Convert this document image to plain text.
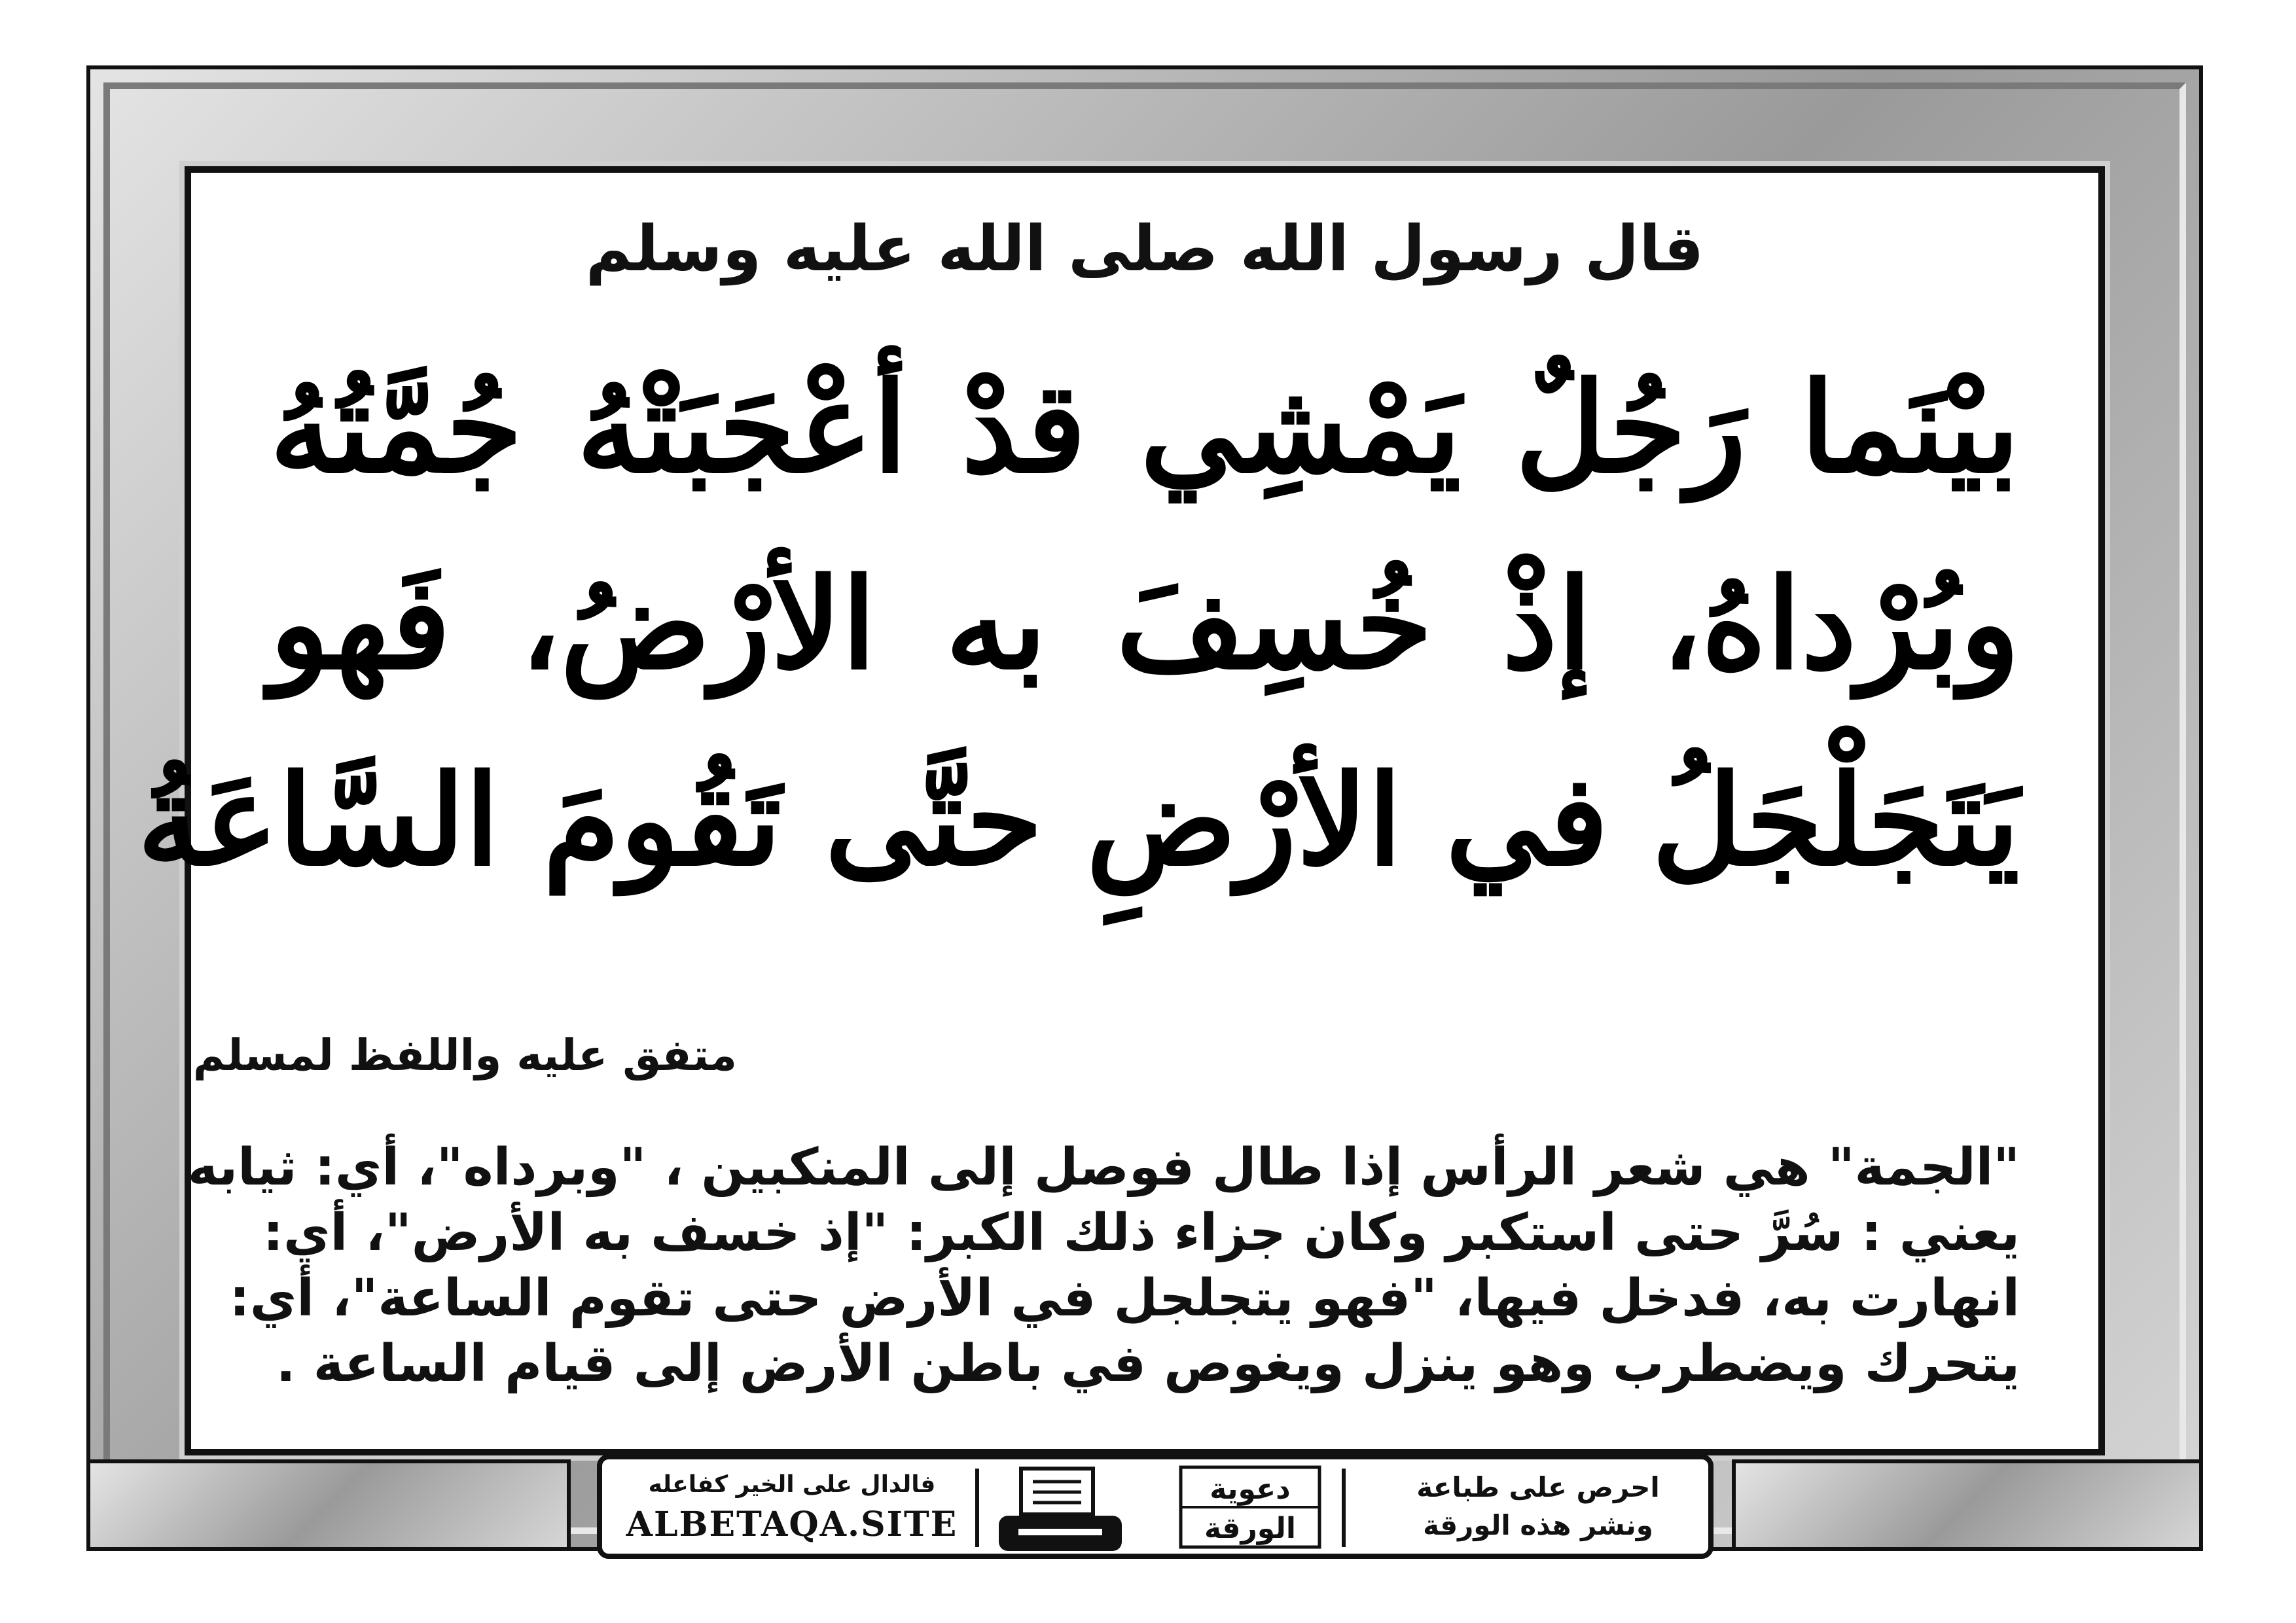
قال رسول الله صلى الله عليه وسلم
بيْنَما رَجُلٌ يَمْشِي قدْ أعْجَبَتْهُ جُمَّتُهُ
وبُرْداهُ، إذْ خُسِفَ به الأرْضُ، فَهو
يَتَجَلْجَلُ في الأرْضِ حتَّى تَقُومَ السَّاعَةُ
متفق عليه واللفظ لمسلم
"الجمة" هي شعر الرأس إذا طال فوصل إلى المنكبين ، "وبرداه"، أي: ثيابه
يعني : سُرَّ حتى استكبر وكان جزاء ذلك الكبر: "إذ خسف به الأرض"، أي:
انهارت به، فدخل فيها، "فهو يتجلجل في الأرض حتى تقوم الساعة"، أي:
يتحرك ويضطرب وهو ينزل ويغوص في باطن الأرض إلى قيام الساعة .
احرص على طباعة
ونشر هذه الورقة
دعوية
الورقة
فالدال على الخير كفاعله
ALBETAQA.SITE
